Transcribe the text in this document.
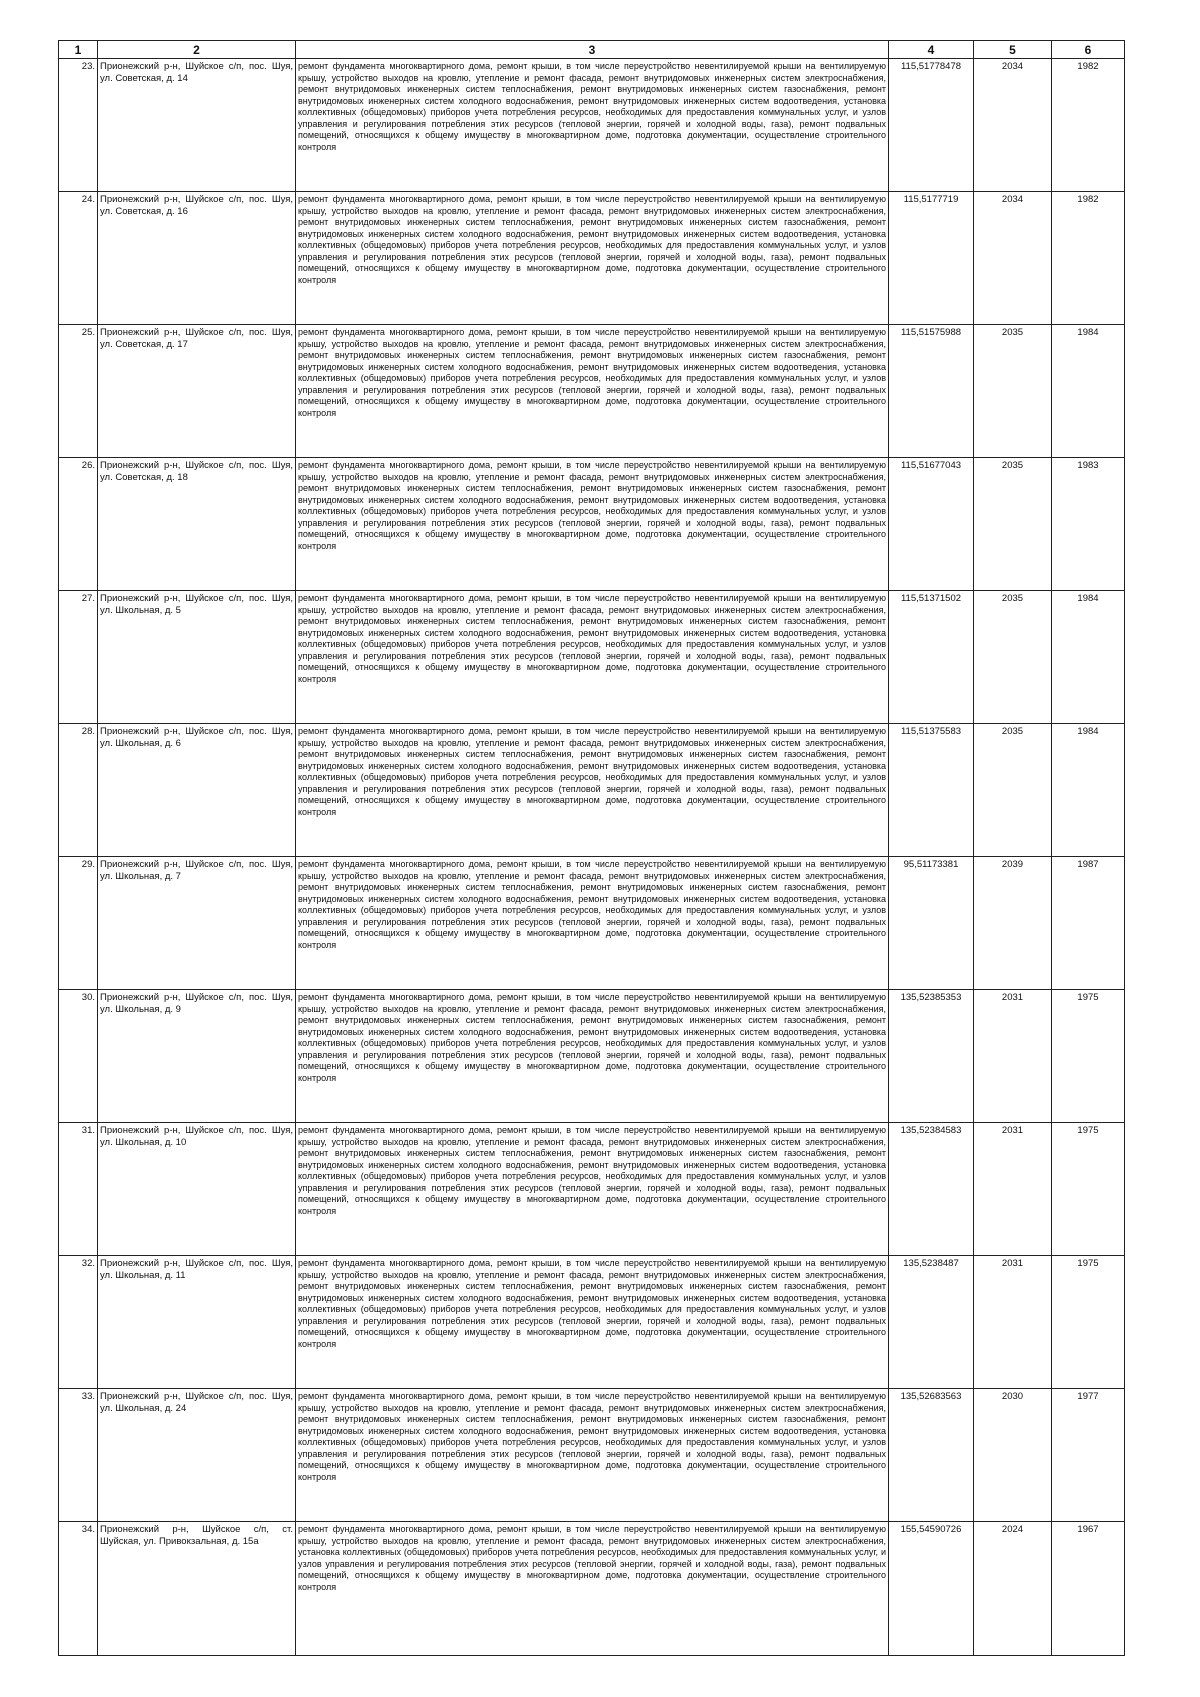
1	2	3	4	5	6
23.	Прионежский р-н, Шуйское с/п, пос. Шуя, ул. Советская, д. 14	ремонт фундамента многоквартирного дома, ремонт крыши, в том числе переустройство невентилируемой крыши на вентилируемую крышу, устройство выходов на кровлю, утепление и ремонт фасада, ремонт внутридомовых инженерных систем электроснабжения, ремонт внутридомовых инженерных систем теплоснабжения, ремонт внутридомовых инженерных систем газоснабжения, ремонт внутридомовых инженерных систем холодного водоснабжения, ремонт внутридомовых инженерных систем водоотведения, установка коллективных (общедомовых) приборов учета потребления ресурсов, необходимых для предоставления коммунальных услуг, и узлов управления и регулирования потребления этих ресурсов (тепловой энергии, горячей и холодной воды, газа), ремонт подвальных помещений, относящихся к общему имуществу в многоквартирном доме, подготовка документации, осуществление строительного контроля	115,51778478	2034	1982
24.	Прионежский р-н, Шуйское с/п, пос. Шуя, ул. Советская, д. 16	ремонт фундамента многоквартирного дома, ремонт крыши, в том числе переустройство невентилируемой крыши на вентилируемую крышу, устройство выходов на кровлю, утепление и ремонт фасада, ремонт внутридомовых инженерных систем электроснабжения, ремонт внутридомовых инженерных систем теплоснабжения, ремонт внутридомовых инженерных систем газоснабжения, ремонт внутридомовых инженерных систем холодного водоснабжения, ремонт внутридомовых инженерных систем водоотведения, установка коллективных (общедомовых) приборов учета потребления ресурсов, необходимых для предоставления коммунальных услуг, и узлов управления и регулирования потребления этих ресурсов (тепловой энергии, горячей и холодной воды, газа), ремонт подвальных помещений, относящихся к общему имуществу в многоквартирном доме, подготовка документации, осуществление строительного контроля	115,5177719	2034	1982
25.	Прионежский р-н, Шуйское с/п, пос. Шуя, ул. Советская, д. 17	ремонт фундамента многоквартирного дома, ремонт крыши, в том числе переустройство невентилируемой крыши на вентилируемую крышу, устройство выходов на кровлю, утепление и ремонт фасада, ремонт внутридомовых инженерных систем электроснабжения, ремонт внутридомовых инженерных систем теплоснабжения, ремонт внутридомовых инженерных систем газоснабжения, ремонт внутридомовых инженерных систем холодного водоснабжения, ремонт внутридомовых инженерных систем водоотведения, установка коллективных (общедомовых) приборов учета потребления ресурсов, необходимых для предоставления коммунальных услуг, и узлов управления и регулирования потребления этих ресурсов (тепловой энергии, горячей и холодной воды, газа), ремонт подвальных помещений, относящихся к общему имуществу в многоквартирном доме, подготовка документации, осуществление строительного контроля	115,51575988	2035	1984
26.	Прионежский р-н, Шуйское с/п, пос. Шуя, ул. Советская, д. 18	ремонт фундамента многоквартирного дома, ремонт крыши, в том числе переустройство невентилируемой крыши на вентилируемую крышу, устройство выходов на кровлю, утепление и ремонт фасада, ремонт внутридомовых инженерных систем электроснабжения, ремонт внутридомовых инженерных систем теплоснабжения, ремонт внутридомовых инженерных систем газоснабжения, ремонт внутридомовых инженерных систем холодного водоснабжения, ремонт внутридомовых инженерных систем водоотведения, установка коллективных (общедомовых) приборов учета потребления ресурсов, необходимых для предоставления коммунальных услуг, и узлов управления и регулирования потребления этих ресурсов (тепловой энергии, горячей и холодной воды, газа), ремонт подвальных помещений, относящихся к общему имуществу в многоквартирном доме, подготовка документации, осуществление строительного контроля	115,51677043	2035	1983
27.	Прионежский р-н, Шуйское с/п, пос. Шуя, ул. Школьная, д. 5	ремонт фундамента многоквартирного дома, ремонт крыши, в том числе переустройство невентилируемой крыши на вентилируемую крышу, устройство выходов на кровлю, утепление и ремонт фасада, ремонт внутридомовых инженерных систем электроснабжения, ремонт внутридомовых инженерных систем теплоснабжения, ремонт внутридомовых инженерных систем газоснабжения, ремонт внутридомовых инженерных систем холодного водоснабжения, ремонт внутридомовых инженерных систем водоотведения, установка коллективных (общедомовых) приборов учета потребления ресурсов, необходимых для предоставления коммунальных услуг, и узлов управления и регулирования потребления этих ресурсов (тепловой энергии, горячей и холодной воды, газа), ремонт подвальных помещений, относящихся к общему имуществу в многоквартирном доме, подготовка документации, осуществление строительного контроля	115,51371502	2035	1984
28.	Прионежский р-н, Шуйское с/п, пос. Шуя, ул. Школьная, д. 6	ремонт фундамента многоквартирного дома, ремонт крыши, в том числе переустройство невентилируемой крыши на вентилируемую крышу, устройство выходов на кровлю, утепление и ремонт фасада, ремонт внутридомовых инженерных систем электроснабжения, ремонт внутридомовых инженерных систем теплоснабжения, ремонт внутридомовых инженерных систем газоснабжения, ремонт внутридомовых инженерных систем холодного водоснабжения, ремонт внутридомовых инженерных систем водоотведения, установка коллективных (общедомовых) приборов учета потребления ресурсов, необходимых для предоставления коммунальных услуг, и узлов управления и регулирования потребления этих ресурсов (тепловой энергии, горячей и холодной воды, газа), ремонт подвальных помещений, относящихся к общему имуществу в многоквартирном доме, подготовка документации, осуществление строительного контроля	115,51375583	2035	1984
29.	Прионежский р-н, Шуйское с/п, пос. Шуя, ул. Школьная, д. 7	ремонт фундамента многоквартирного дома, ремонт крыши, в том числе переустройство невентилируемой крыши на вентилируемую крышу, устройство выходов на кровлю, утепление и ремонт фасада, ремонт внутридомовых инженерных систем электроснабжения, ремонт внутридомовых инженерных систем теплоснабжения, ремонт внутридомовых инженерных систем газоснабжения, ремонт внутридомовых инженерных систем холодного водоснабжения, ремонт внутридомовых инженерных систем водоотведения, установка коллективных (общедомовых) приборов учета потребления ресурсов, необходимых для предоставления коммунальных услуг, и узлов управления и регулирования потребления этих ресурсов (тепловой энергии, горячей и холодной воды, газа), ремонт подвальных помещений, относящихся к общему имуществу в многоквартирном доме, подготовка документации, осуществление строительного контроля	95,51173381	2039	1987
30.	Прионежский р-н, Шуйское с/п, пос. Шуя, ул. Школьная, д. 9	ремонт фундамента многоквартирного дома, ремонт крыши, в том числе переустройство невентилируемой крыши на вентилируемую крышу, устройство выходов на кровлю, утепление и ремонт фасада, ремонт внутридомовых инженерных систем электроснабжения, ремонт внутридомовых инженерных систем теплоснабжения, ремонт внутридомовых инженерных систем газоснабжения, ремонт внутридомовых инженерных систем холодного водоснабжения, ремонт внутридомовых инженерных систем водоотведения, установка коллективных (общедомовых) приборов учета потребления ресурсов, необходимых для предоставления коммунальных услуг, и узлов управления и регулирования потребления этих ресурсов (тепловой энергии, горячей и холодной воды, газа), ремонт подвальных помещений, относящихся к общему имуществу в многоквартирном доме, подготовка документации, осуществление строительного контроля	135,52385353	2031	1975
31.	Прионежский р-н, Шуйское с/п, пос. Шуя, ул. Школьная, д. 10	ремонт фундамента многоквартирного дома, ремонт крыши, в том числе переустройство невентилируемой крыши на вентилируемую крышу, устройство выходов на кровлю, утепление и ремонт фасада, ремонт внутридомовых инженерных систем электроснабжения, ремонт внутридомовых инженерных систем теплоснабжения, ремонт внутридомовых инженерных систем газоснабжения, ремонт внутридомовых инженерных систем холодного водоснабжения, ремонт внутридомовых инженерных систем водоотведения, установка коллективных (общедомовых) приборов учета потребления ресурсов, необходимых для предоставления коммунальных услуг, и узлов управления и регулирования потребления этих ресурсов (тепловой энергии, горячей и холодной воды, газа), ремонт подвальных помещений, относящихся к общему имуществу в многоквартирном доме, подготовка документации, осуществление строительного контроля	135,52384583	2031	1975
32.	Прионежский р-н, Шуйское с/п, пос. Шуя, ул. Школьная, д. 11	ремонт фундамента многоквартирного дома, ремонт крыши, в том числе переустройство невентилируемой крыши на вентилируемую крышу, устройство выходов на кровлю, утепление и ремонт фасада, ремонт внутридомовых инженерных систем электроснабжения, ремонт внутридомовых инженерных систем теплоснабжения, ремонт внутридомовых инженерных систем газоснабжения, ремонт внутридомовых инженерных систем холодного водоснабжения, ремонт внутридомовых инженерных систем водоотведения, установка коллективных (общедомовых) приборов учета потребления ресурсов, необходимых для предоставления коммунальных услуг, и узлов управления и регулирования потребления этих ресурсов (тепловой энергии, горячей и холодной воды, газа), ремонт подвальных помещений, относящихся к общему имуществу в многоквартирном доме, подготовка документации, осуществление строительного контроля	135,5238487	2031	1975
33.	Прионежский р-н, Шуйское с/п, пос. Шуя, ул. Школьная, д. 24	ремонт фундамента многоквартирного дома, ремонт крыши, в том числе переустройство невентилируемой крыши на вентилируемую крышу, устройство выходов на кровлю, утепление и ремонт фасада, ремонт внутридомовых инженерных систем электроснабжения, ремонт внутридомовых инженерных систем теплоснабжения, ремонт внутридомовых инженерных систем газоснабжения, ремонт внутридомовых инженерных систем холодного водоснабжения, ремонт внутридомовых инженерных систем водоотведения, установка коллективных (общедомовых) приборов учета потребления ресурсов, необходимых для предоставления коммунальных услуг, и узлов управления и регулирования потребления этих ресурсов (тепловой энергии, горячей и холодной воды, газа), ремонт подвальных помещений, относящихся к общему имуществу в многоквартирном доме, подготовка документации, осуществление строительного контроля	135,52683563	2030	1977
34.	Прионежский р-н, Шуйское с/п, ст. Шуйская, ул. Привокзальная, д. 15а	ремонт фундамента многоквартирного дома, ремонт крыши, в том числе переустройство невентилируемой крыши на вентилируемую крышу, устройство выходов на кровлю, утепление и ремонт фасада, ремонт внутридомовых инженерных систем электроснабжения, установка коллективных (общедомовых) приборов учета потребления ресурсов, необходимых для предоставления коммунальных услуг, и узлов управления и регулирования потребления этих ресурсов (тепловой энергии, горячей и холодной воды, газа), ремонт подвальных помещений, относящихся к общему имуществу в многоквартирном доме, подготовка документации, осуществление строительного контроля	155,54590726	2024	1967
